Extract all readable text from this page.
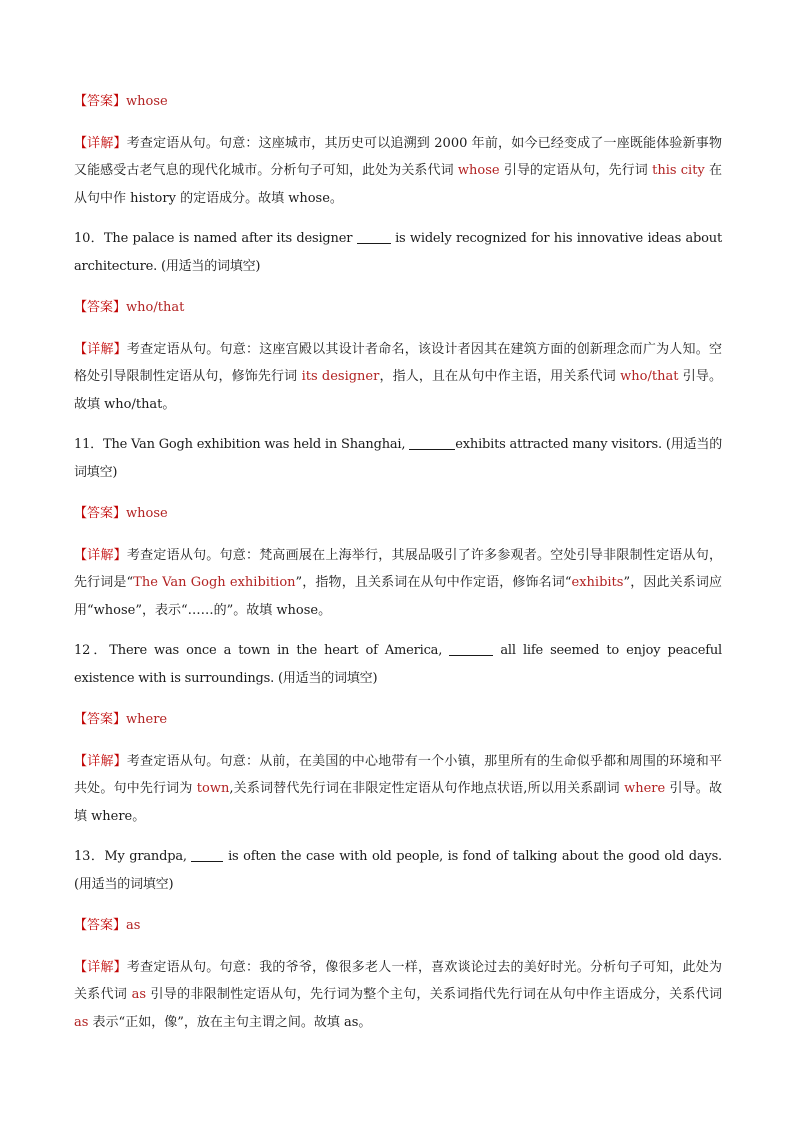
【答案】whose

【详解】考查定语从句。句意：这座城市，其历史可以追溯到 2000 年前，如今已经变成了一座既能体验新事物又能感受古老气息的现代化城市。分析句子可知，此处为关系代词 whose 引导的定语从句，先行词 this city 在从句中作 history 的定语成分。故填 whose。

10．The palace is named after its designer	is widely recognized for his innovative ideas about architecture. (用适当的词填空)

【答案】who/that

【详解】考查定语从句。句意：这座宫殿以其设计者命名，该设计者因其在建筑方面的创新理念而广为人知。空格处引导限制性定语从句，修饰先行词 its designer，指人，且在从句中作主语，用关系代词 who/that 引导。故填 who/that。

11．The Van Gogh exhibition was held in Shanghai,	exhibits attracted many visitors. (用适当的词填空)

【答案】whose

【详解】考查定语从句。句意：梵高画展在上海举行，其展品吸引了许多参观者。空处引导非限制性定语从句，先行词是“The Van Gogh exhibition”，指物，且关系词在从句中作定语，修饰名词“exhibits”，因此关系词应用“whose”，表示“……的”。故填 whose。

12．There was once a town in the heart of America,	all life seemed to enjoy peaceful existence with is surroundings. (用适当的词填空)

【答案】where

【详解】考查定语从句。句意：从前，在美国的中心地带有一个小镇，那里所有的生命似乎都和周围的环境和平共处。句中先行词为 town,关系词替代先行词在非限定性定语从句作地点状语,所以用关系副词 where 引导。故填 where。

13．My grandpa,  is often the case with old people, is fond of talking about the good old days. (用适当的词填空)

【答案】as

【详解】考查定语从句。句意：我的爷爷，像很多老人一样，喜欢谈论过去的美好时光。分析句子可知，此处为关系代词 as 引导的非限制性定语从句，先行词为整个主句，关系词指代先行词在从句中作主语成分，关系代词 as 表示“正如，像”，放在主句主谓之间。故填 as。
